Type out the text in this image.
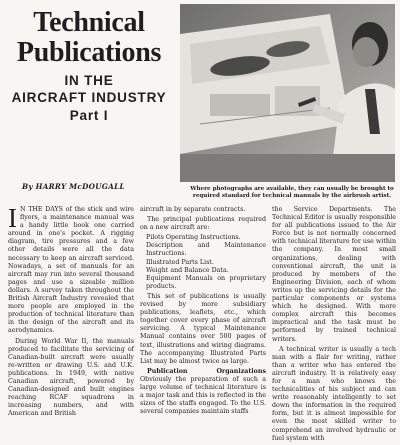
Technical
Publications
IN THE
AIRCRAFT INDUSTRY
Part I
Where photographs are available, they can usually be brought to required standard for technical manuals by the airbrush artist.
By HARRY McDOUGALL

I N THE DAYS of the stick and wire flyers, a maintenance manual was a handy little book one carried around in one's pocket. A rigging diagram, tire pressures and a few other details were all the data necessary to keep an aircraft serviced. Nowadays, a set of manuals for an aircraft may run into several thousand pages and use a sizeable million dollars. A survey taken throughout the British Aircraft Industry revealed that more people are employed in the production of technical literature than in the design of the aircraft and its aerodynamics.

During World War II, the manuals produced to facilitate the servicing of Canadian-built aircraft were usually re-written or drawing U.S. and U.K. publications. In 1949, with native Canadian aircraft, powered by Canadian-designed and built engines reaching RCAF squadrons in increasing numbers, and with American and British

aircraft in by separate contracts.

The principal publications required on a new aircraft are:

Pilots Operating Instructions.
Description and Maintenance Instructions.
Illustrated Parts List.
Weight and Balance Data.
Equipment Manuals on proprietary products.

This set of publications is usually revised by more subsidiary publications, leaflets, etc., which together cover every phase of aircraft servicing. A typical Maintenance Manual contains over 500 pages of text, illustrations and wiring diagrams. The accompanying Illustrated Parts List may be almost twice as large.

Publication Organizations Obviously the preparation of such a large volume of technical literature is a major task and this is reflected in the sizes of the staffs engaged. To the U.S. several companies maintain staffs

the Service Departments. The Technical Editor is usually responsible for all publications issued to the Air Force but is not normally concerned with technical literature for use within the company. In most small organizations, dealing with conventional aircraft, the unit is produced by members of the Engineering Division, each of whom writes up the servicing details for the particular components or systems which he designed. With more complex aircraft this becomes impractical and the task must be performed by trained technical writers.

A technical writer is usually a tech man with a flair for writing, rather than a writer who has entered the aircraft industry. It is relatively easy for a man who knows the technicalities of his subject and can write reasonably intelligently to set down the information in the required form, but it is almost impossible for even the most skilled writer to comprehend an involved hydraulic or fuel system with
